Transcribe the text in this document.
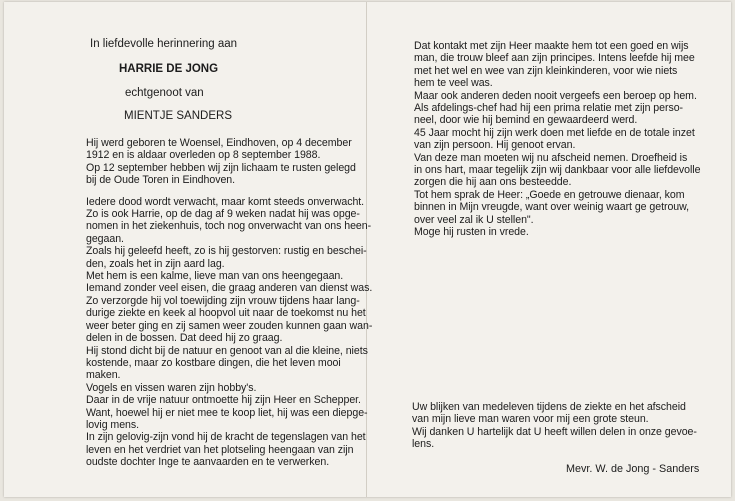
In liefdevolle herinnering aan
HARRIE DE JONG
echtgenoot van
MIENTJE SANDERS

Hij werd geboren te Woensel, Eindhoven, op 4 december
1912 en is aldaar overleden op 8 september 1988.
Op 12 september hebben wij zijn lichaam te rusten gelegd
bij de Oude Toren in Eindhoven.

Iedere dood wordt verwacht, maar komt steeds onverwacht.
Zo is ook Harrie, op de dag af 9 weken nadat hij was opge-
nomen in het ziekenhuis, toch nog onverwacht van ons heen-
gegaan.
Zoals hij geleefd heeft, zo is hij gestorven: rustig en beschei-
den, zoals het in zijn aard lag.
Met hem is een kalme, lieve man van ons heengegaan.
Iemand zonder veel eisen, die graag anderen van dienst was.
Zo verzorgde hij vol toewijding zijn vrouw tijdens haar lang-
durige ziekte en keek al hoopvol uit naar de toekomst nu het
weer beter ging en zij samen weer zouden kunnen gaan wan-
delen in de bossen. Dat deed hij zo graag.
Hij stond dicht bij de natuur en genoot van al die kleine, niets
kostende, maar zo kostbare dingen, die het leven mooi
maken.
Vogels en vissen waren zijn hobby's.
Daar in de vrije natuur ontmoette hij zijn Heer en Schepper.
Want, hoewel hij er niet mee te koop liet, hij was een diepge-
lovig mens.
In zijn gelovig-zijn vond hij de kracht de tegenslagen van het
leven en het verdriet van het plotseling heengaan van zijn
oudste dochter Inge te aanvaarden en te verwerken.

Dat kontakt met zijn Heer maakte hem tot een goed en wijs
man, die trouw bleef aan zijn principes. Intens leefde hij mee
met het wel en wee van zijn kleinkinderen, voor wie niets
hem te veel was.
Maar ook anderen deden nooit vergeefs een beroep op hem.
Als afdelings-chef had hij een prima relatie met zijn perso-
neel, door wie hij bemind en gewaardeerd werd.
45 Jaar mocht hij zijn werk doen met liefde en de totale inzet
van zijn persoon. Hij genoot ervan.
Van deze man moeten wij nu afscheid nemen. Droefheid is
in ons hart, maar tegelijk zijn wij dankbaar voor alle liefdevolle
zorgen die hij aan ons besteedde.
Tot hem sprak de Heer: „Goede en getrouwe dienaar, kom
binnen in Mijn vreugde, want over weinig waart ge getrouw,
over veel zal ik U stellen".
Moge hij rusten in vrede.

Uw blijken van medeleven tijdens de ziekte en het afscheid
van mijn lieve man waren voor mij een grote steun.
Wij danken U hartelijk dat U heeft willen delen in onze gevoe-
lens.

Mevr. W. de Jong - Sanders
